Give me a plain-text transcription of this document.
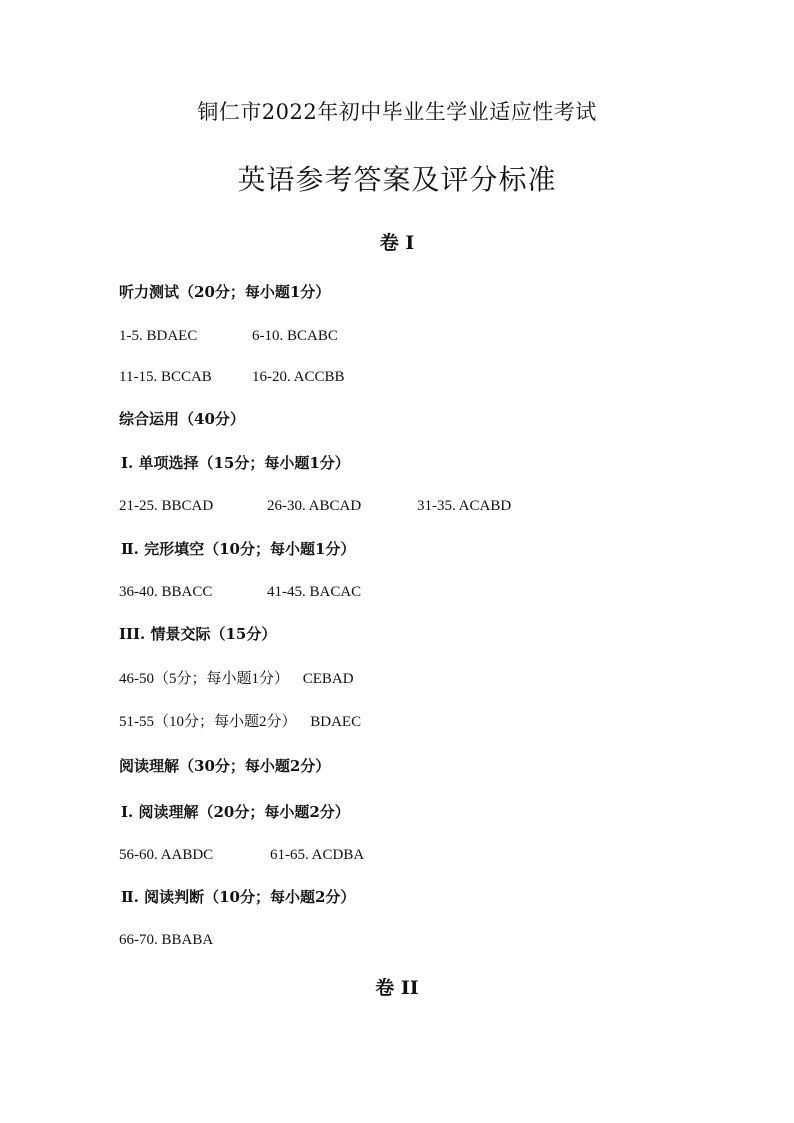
铜仁市2022年初中毕业生学业适应性考试
英语参考答案及评分标准
卷 I
听力测试（20分；每小题1分）
1-5. BDAEC	6-10. BCABC
11-15. BCCAB	16-20. ACCBB
综合运用（40分）
Ⅰ. 单项选择（15分；每小题1分）
21-25. BBCAD	26-30. ABCAD	31-35. ACABD
Ⅱ. 完形填空（10分；每小题1分）
36-40. BBACC	41-45. BACAC
III. 情景交际（15分）
46-50（5分；每小题1分） CEBAD
51-55（10分；每小题2分） BDAEC
阅读理解（30分；每小题2分）
Ⅰ. 阅读理解（20分；每小题2分）
56-60. AABDC	61-65. ACDBA
Ⅱ. 阅读判断（10分；每小题2分）
66-70. BBABA
卷 II
